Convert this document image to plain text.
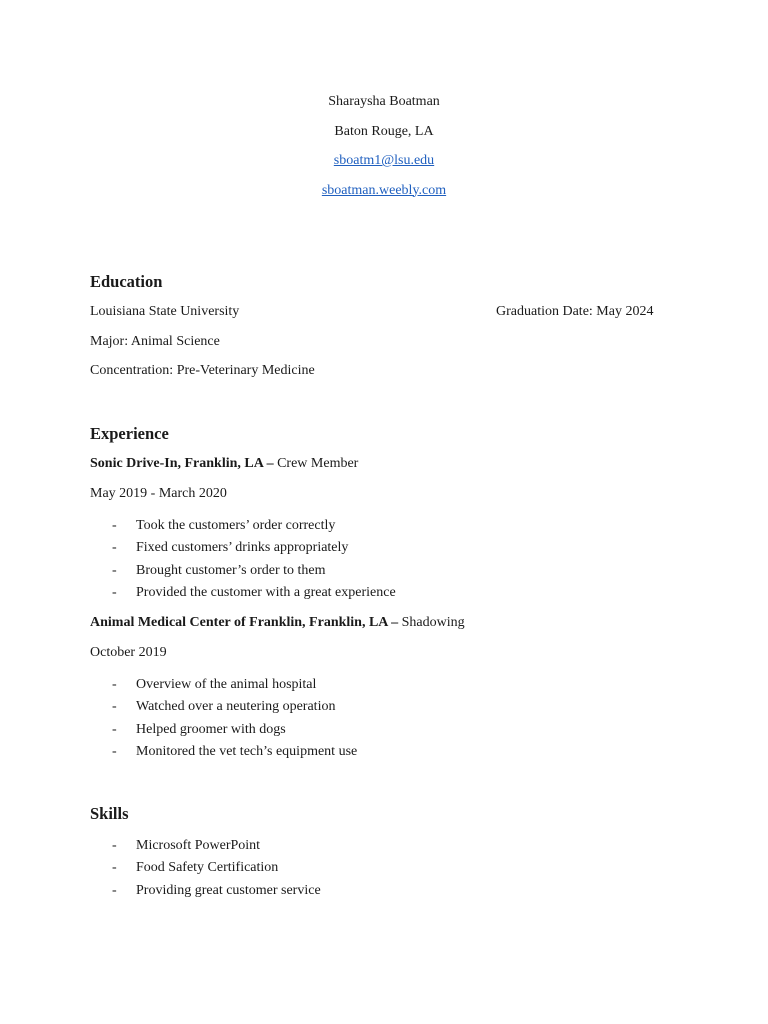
Sharaysha Boatman
Baton Rouge, LA
sboatm1@lsu.edu
sboatman.weebly.com
Education
Louisiana State University	Graduation Date: May 2024
Major: Animal Science
Concentration: Pre-Veterinary Medicine
Experience
Sonic Drive-In, Franklin, LA – Crew Member
May 2019 - March 2020
- Took the customers’ order correctly
- Fixed customers’ drinks appropriately
- Brought customer’s order to them
- Provided the customer with a great experience
Animal Medical Center of Franklin, Franklin, LA – Shadowing
October 2019
- Overview of the animal hospital
- Watched over a neutering operation
- Helped groomer with dogs
- Monitored the vet tech’s equipment use
Skills
- Microsoft PowerPoint
- Food Safety Certification
- Providing great customer service
